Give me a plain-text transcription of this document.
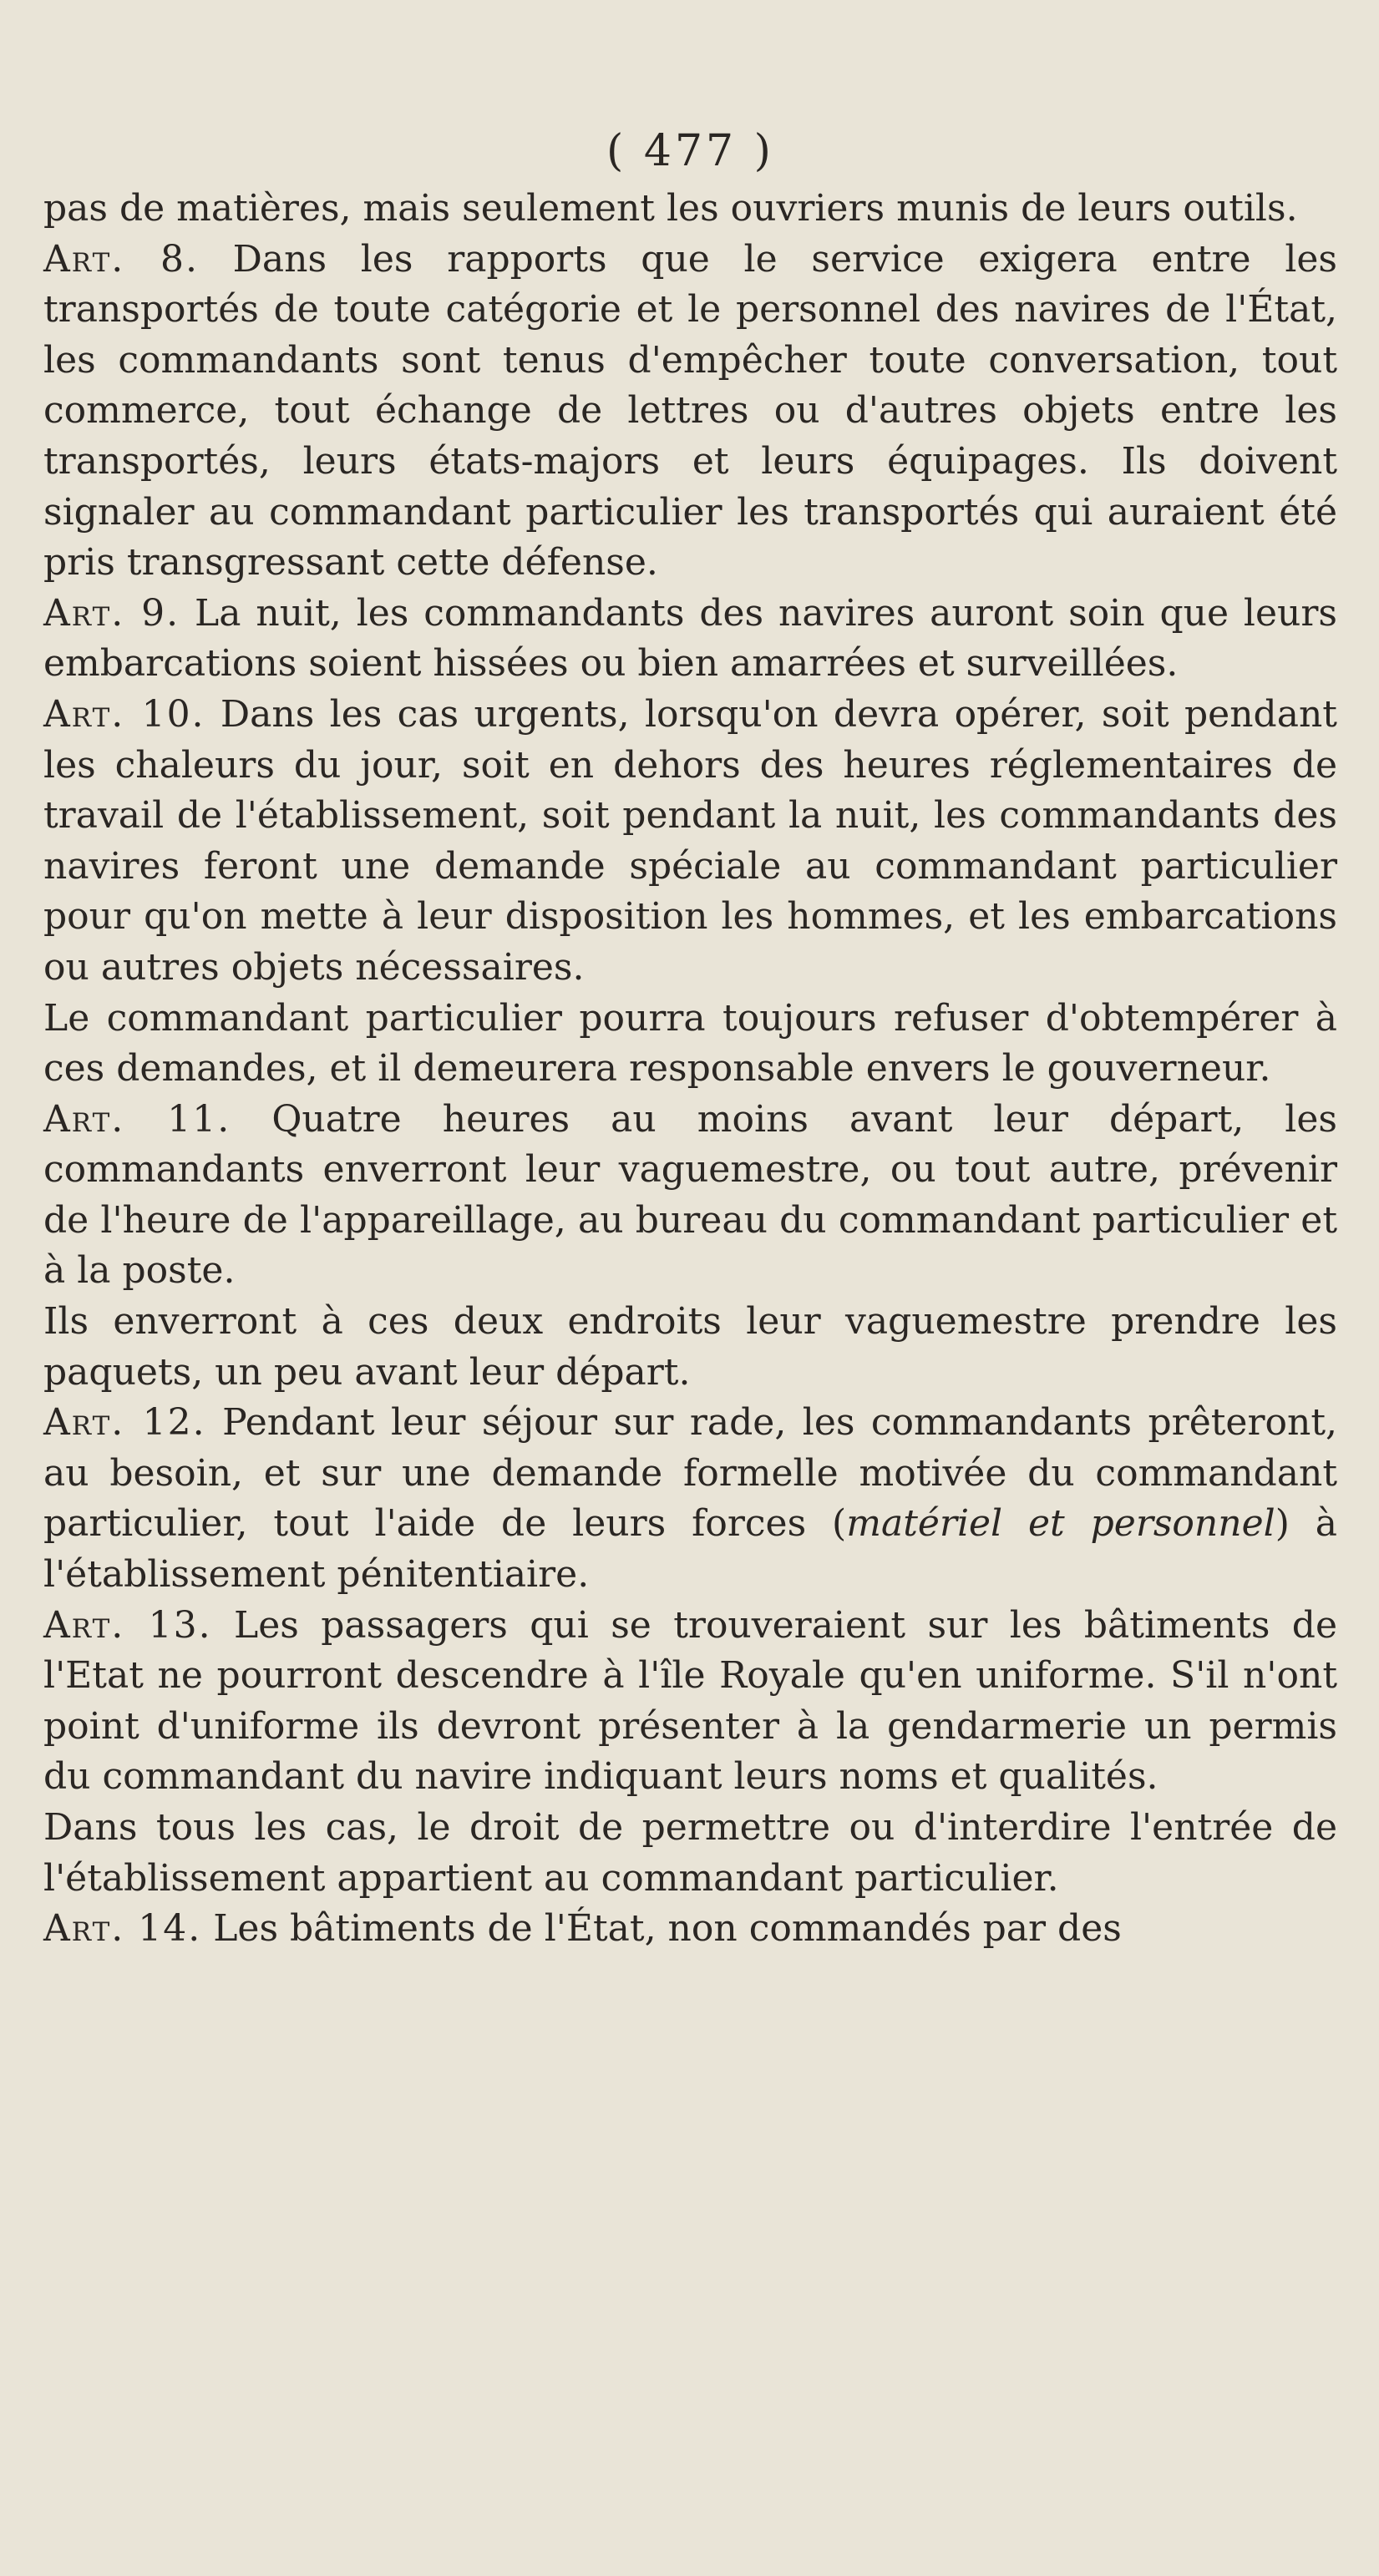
( 477 )

pas de matières, mais seulement les ouvriers munis de leurs outils.

Art. 8. Dans les rapports que le service exigera entre les transportés de toute catégorie et le personnel des navires de l'État, les commandants sont tenus d'empêcher toute conversation, tout commerce, tout échange de lettres ou d'autres objets entre les transportés, leurs états-majors et leurs équipages. Ils doivent signaler au commandant particulier les transportés qui auraient été pris transgressant cette défense.

Art. 9. La nuit, les commandants des navires auront soin que leurs embarcations soient hissées ou bien amarrées et surveillées.

Art. 10. Dans les cas urgents, lorsqu'on devra opérer, soit pendant les chaleurs du jour, soit en dehors des heures réglementaires de travail de l'établissement, soit pendant la nuit, les commandants des navires feront une demande spéciale au commandant particulier pour qu'on mette à leur disposition les hommes, et les embarcations ou autres objets nécessaires.

Le commandant particulier pourra toujours refuser d'obtempérer à ces demandes, et il demeurera responsable envers le gouverneur.

Art. 11. Quatre heures au moins avant leur départ, les commandants enverront leur vaguemestre, ou tout autre, prévenir de l'heure de l'appareillage, au bureau du commandant particulier et à la poste.

Ils enverront à ces deux endroits leur vaguemestre prendre les paquets, un peu avant leur départ.

Art. 12. Pendant leur séjour sur rade, les commandants prêteront, au besoin, et sur une demande formelle motivée du commandant particulier, tout l'aide de leurs forces (matériel et personnel) à l'établissement pénitentiaire.

Art. 13. Les passagers qui se trouveraient sur les bâtiments de l'Etat ne pourront descendre à l'île Royale qu'en uniforme. S'il n'ont point d'uniforme ils devront présenter à la gendarmerie un permis du commandant du navire indiquant leurs noms et qualités.

Dans tous les cas, le droit de permettre ou d'interdire l'entrée de l'établissement appartient au commandant particulier.

Art. 14. Les bâtiments de l'État, non commandés par des
